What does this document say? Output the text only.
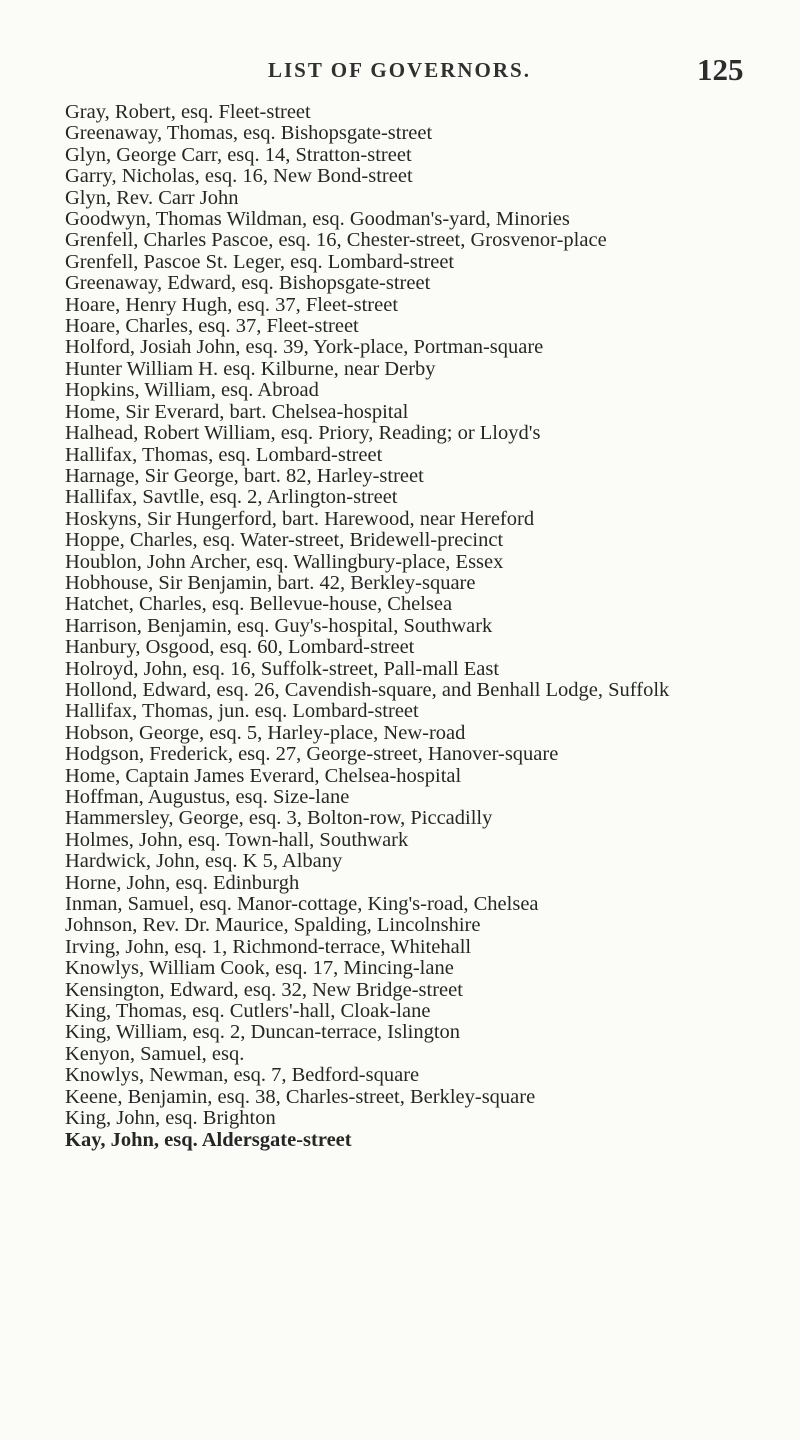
LIST OF GOVERNORS.	125
Gray, Robert, esq. Fleet-street
Greenaway, Thomas, esq. Bishopsgate-street
Glyn, George Carr, esq. 14, Stratton-street
Garry, Nicholas, esq. 16, New Bond-street
Glyn, Rev. Carr John
Goodwyn, Thomas Wildman, esq. Goodman's-yard, Minories
Grenfell, Charles Pascoe, esq. 16, Chester-street, Grosvenor-place
Grenfell, Pascoe St. Leger, esq. Lombard-street
Greenaway, Edward, esq. Bishopsgate-street
Hoare, Henry Hugh, esq. 37, Fleet-street
Hoare, Charles, esq. 37, Fleet-street
Holford, Josiah John, esq. 39, York-place, Portman-square
Hunter William H. esq. Kilburne, near Derby
Hopkins, William, esq. Abroad
Home, Sir Everard, bart. Chelsea-hospital
Halhead, Robert William, esq. Priory, Reading; or Lloyd's
Hallifax, Thomas, esq. Lombard-street
Harnage, Sir George, bart. 82, Harley-street
Hallifax, Savtlle, esq. 2, Arlington-street
Hoskyns, Sir Hungerford, bart. Harewood, near Hereford
Hoppe, Charles, esq. Water-street, Bridewell-precinct
Houblon, John Archer, esq. Wallingbury-place, Essex
Hobhouse, Sir Benjamin, bart. 42, Berkley-square
Hatchet, Charles, esq. Bellevue-house, Chelsea
Harrison, Benjamin, esq. Guy's-hospital, Southwark
Hanbury, Osgood, esq. 60, Lombard-street
Holroyd, John, esq. 16, Suffolk-street, Pall-mall East
Hollond, Edward, esq. 26, Cavendish-square, and Benhall Lodge, Suffolk
Hallifax, Thomas, jun. esq. Lombard-street
Hobson, George, esq. 5, Harley-place, New-road
Hodgson, Frederick, esq. 27, George-street, Hanover-square
Home, Captain James Everard, Chelsea-hospital
Hoffman, Augustus, esq. Size-lane
Hammersley, George, esq. 3, Bolton-row, Piccadilly
Holmes, John, esq. Town-hall, Southwark
Hardwick, John, esq. K 5, Albany
Horne, John, esq. Edinburgh
Inman, Samuel, esq. Manor-cottage, King's-road, Chelsea
Johnson, Rev. Dr. Maurice, Spalding, Lincolnshire
Irving, John, esq. 1, Richmond-terrace, Whitehall
Knowlys, William Cook, esq. 17, Mincing-lane
Kensington, Edward, esq. 32, New Bridge-street
King, Thomas, esq. Cutlers'-hall, Cloak-lane
King, William, esq. 2, Duncan-terrace, Islington
Kenyon, Samuel, esq.
Knowlys, Newman, esq. 7, Bedford-square
Keene, Benjamin, esq. 38, Charles-street, Berkley-square
King, John, esq. Brighton
Kay, John, esq. Aldersgate-street
